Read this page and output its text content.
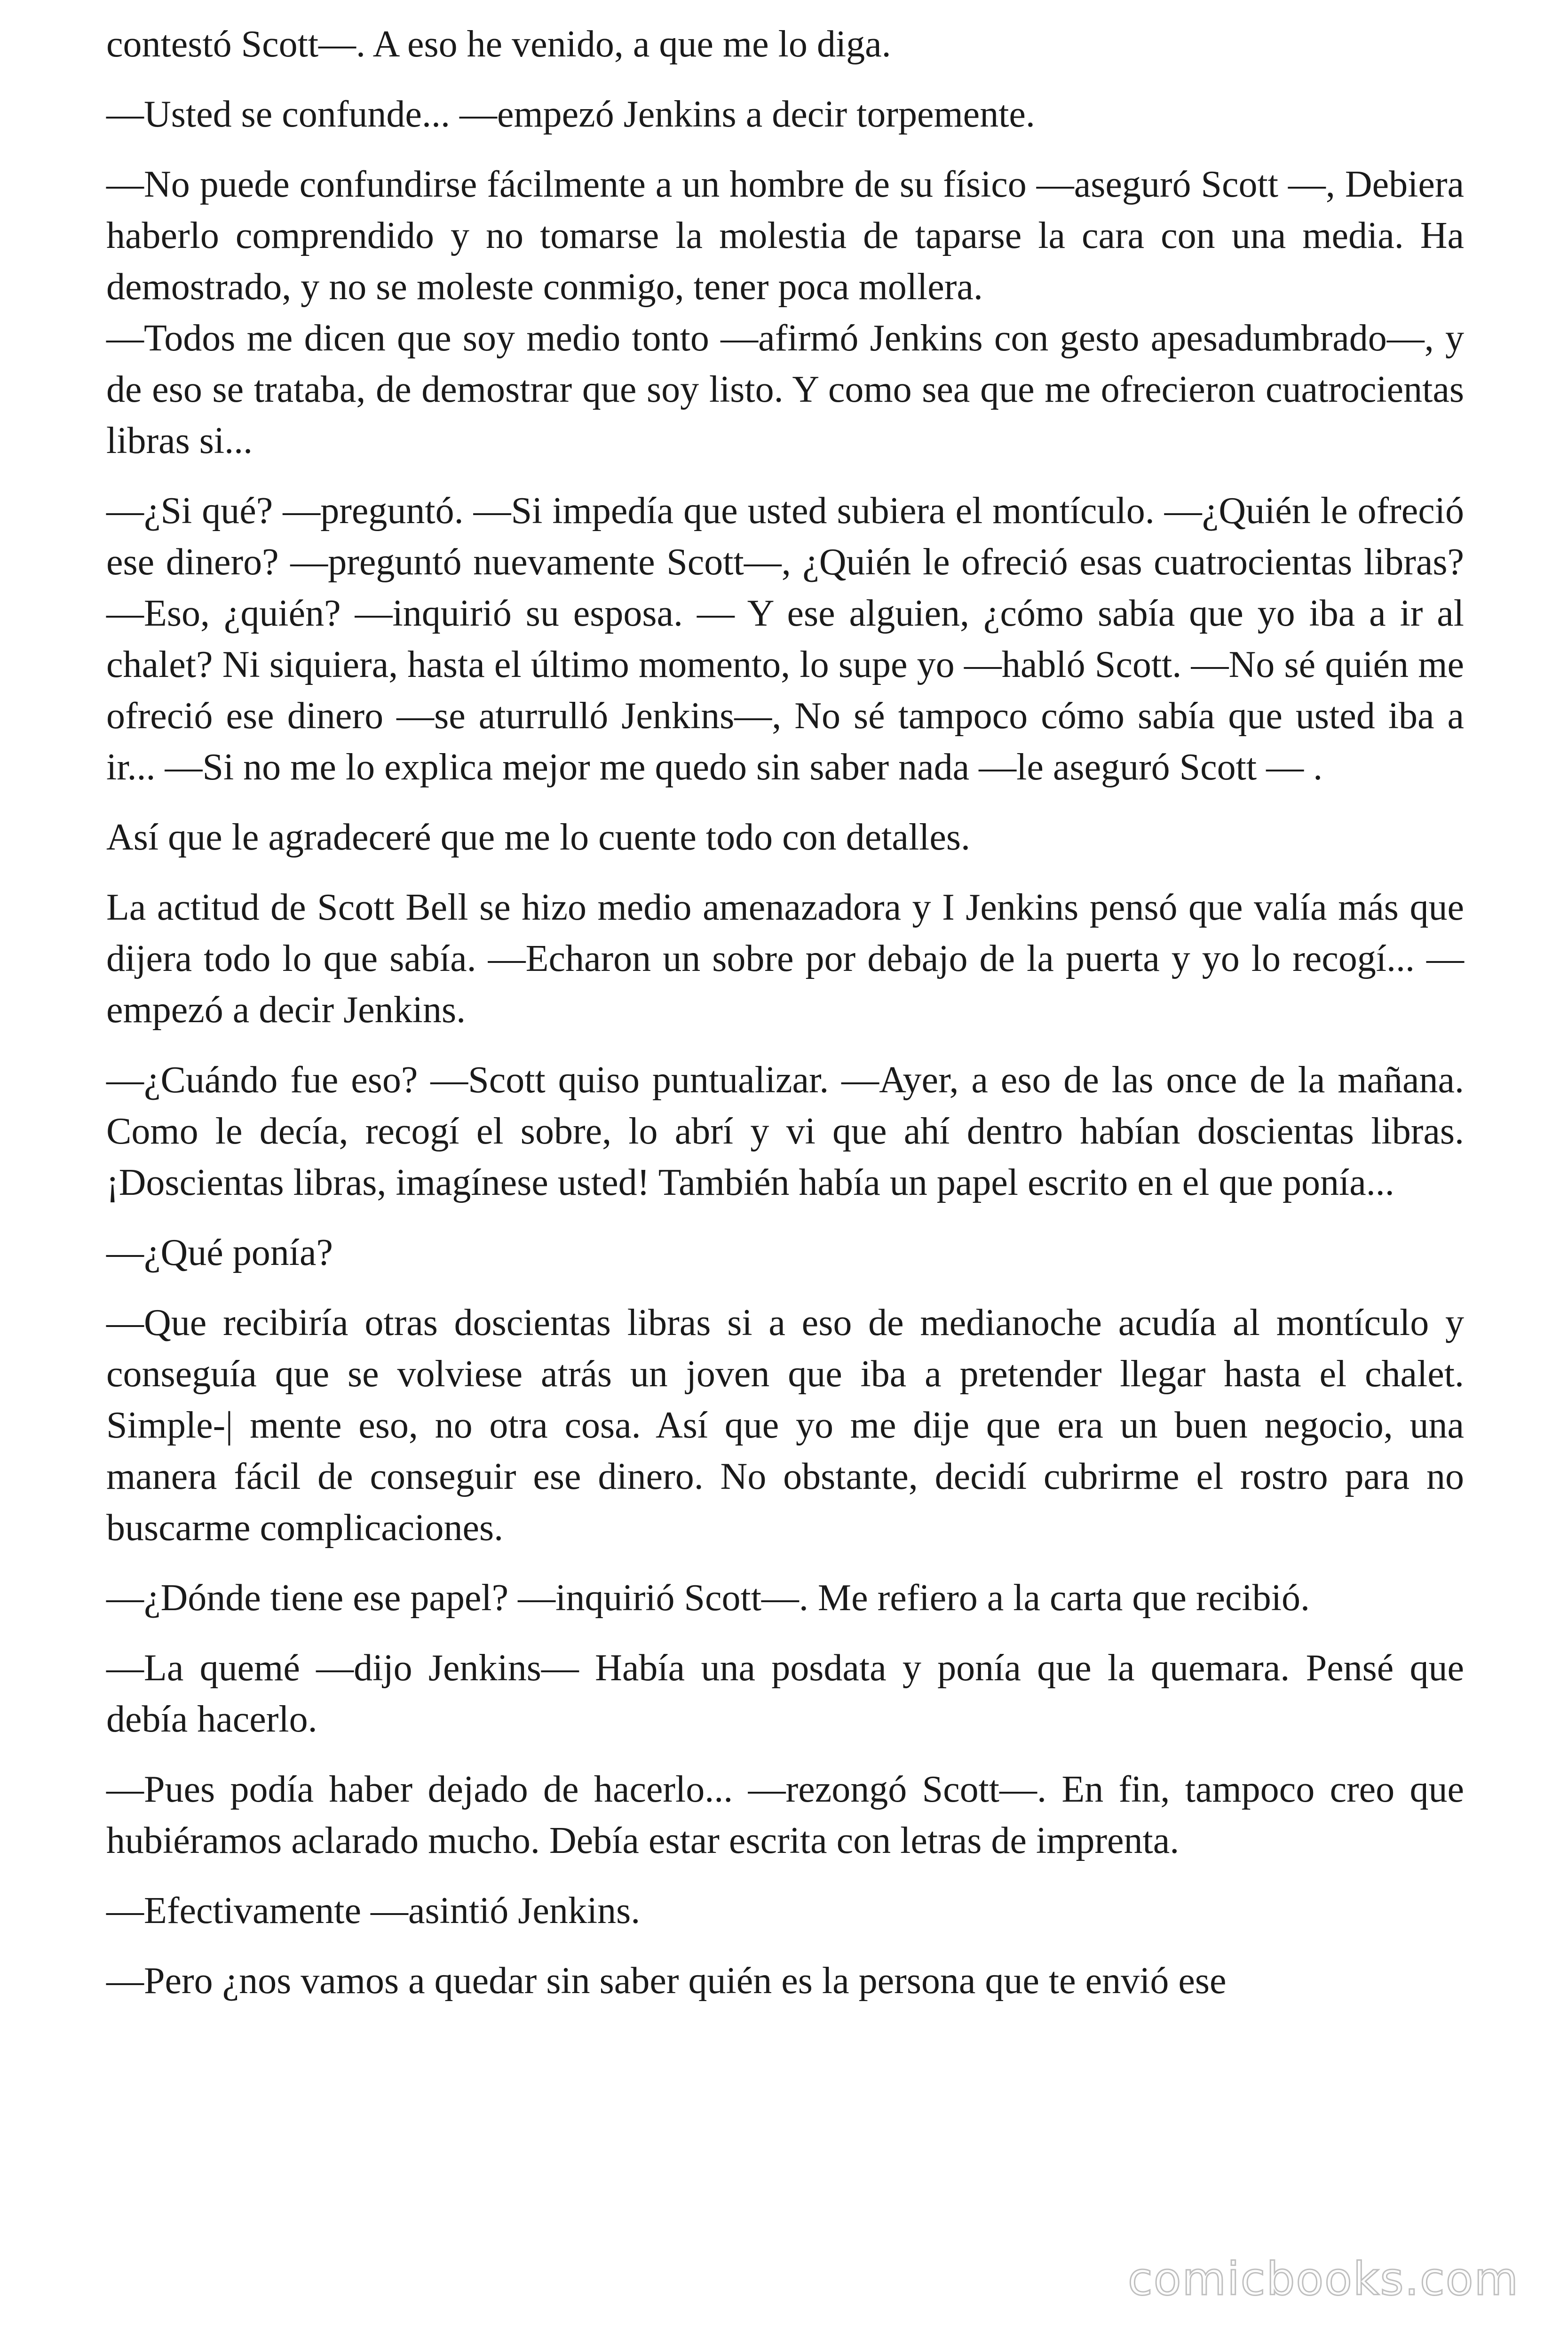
contestó Scott—. A eso he venido, a que me lo diga.

—Usted se confunde... —empezó Jenkins a decir torpemente.

—No puede confundirse fácilmente a un hombre de su físico —aseguró Scott —, Debiera haberlo comprendido y no tomarse la molestia de taparse la cara con una media. Ha demostrado, y no se moleste conmigo, tener poca mollera.

—Todos me dicen que soy medio tonto —afirmó Jenkins con gesto apesadumbrado—, y de eso se trataba, de demostrar que soy listo. Y como sea que me ofrecieron cuatrocientas libras si...

—¿Si qué? —preguntó. —Si impedía que usted subiera el montículo. —¿Quién le ofreció ese dinero? —preguntó nuevamente Scott—, ¿Quién le ofreció esas cuatrocientas libras? —Eso, ¿quién? —inquirió su esposa. — Y ese alguien, ¿cómo sabía que yo iba a ir al chalet? Ni siquiera, hasta el último momento, lo supe yo —habló Scott. —No sé quién me ofreció ese dinero —se aturrulló Jenkins—, No sé tampoco cómo sabía que usted iba a ir... —Si no me lo explica mejor me quedo sin saber nada —le aseguró Scott — .

Así que le agradeceré que me lo cuente todo con detalles.

La actitud de Scott Bell se hizo medio amenazadora y I Jenkins pensó que valía más que dijera todo lo que sabía. —Echaron un sobre por debajo de la puerta y yo lo recogí... —empezó a decir Jenkins.

—¿Cuándo fue eso? —Scott quiso puntualizar. —Ayer, a eso de las once de la mañana. Como le decía, recogí el sobre, lo abrí y vi que ahí dentro habían doscientas libras. ¡Doscientas libras, imagínese usted! También había un papel escrito en el que ponía...

—¿Qué ponía?

—Que recibiría otras doscientas libras si a eso de medianoche acudía al montículo y conseguía que se volviese atrás un joven que iba a pretender llegar hasta el chalet. Simple-| mente eso, no otra cosa. Así que yo me dije que era un buen negocio, una manera fácil de conseguir ese dinero. No obstante, decidí cubrirme el rostro para no buscarme complicaciones.

—¿Dónde tiene ese papel? —inquirió Scott—. Me refiero a la carta que recibió.

—La quemé —dijo Jenkins— Había una posdata y ponía que la quemara. Pensé que debía hacerlo.

—Pues podía haber dejado de hacerlo... —rezongó Scott—. En fin, tampoco creo que hubiéramos aclarado mucho. Debía estar escrita con letras de imprenta.

—Efectivamente —asintió Jenkins.

—Pero ¿nos vamos a quedar sin saber quién es la persona que te envió ese

comicbooks.com
